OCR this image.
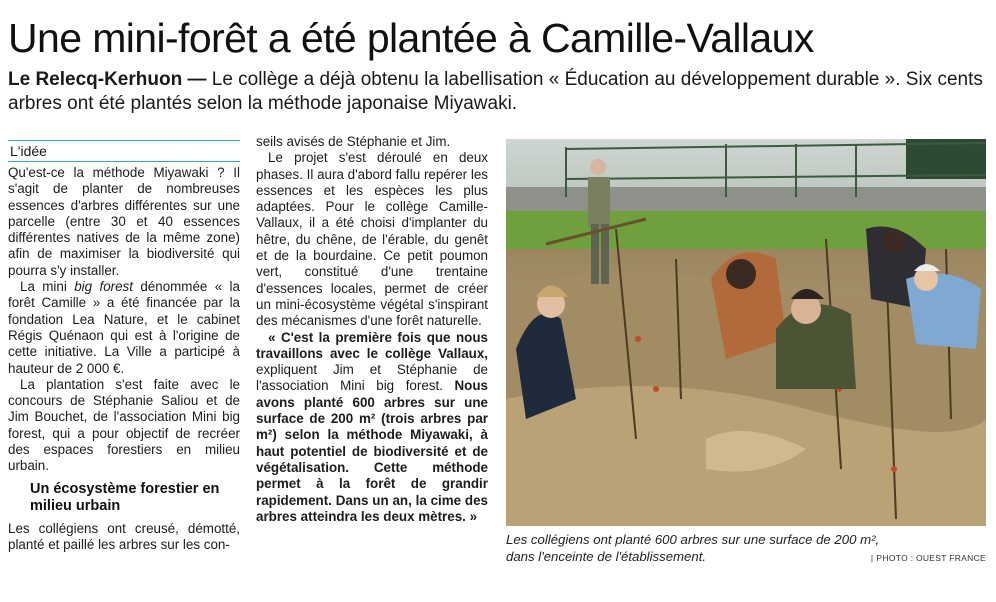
Une mini-forêt a été plantée à Camille-Vallaux
Le Relecq-Kerhuon — Le collège a déjà obtenu la labellisation « Éducation au développement durable ». Six cents arbres ont été plantés selon la méthode japonaise Miyawaki.
L'idée

Qu'est-ce la méthode Miyawaki ? Il s'agit de planter de nombreuses essences d'arbres différentes sur une parcelle (entre 30 et 40 essences différentes natives de la même zone) afin de maximiser la biodiversité qui pourra s'y installer.

La mini big forest dénommée « la forêt Camille » a été financée par la fondation Lea Nature, et le cabinet Régis Quénaon qui est à l'origine de cette initiative. La Ville a participé à hauteur de 2 000 €.

La plantation s'est faite avec le concours de Stéphanie Saliou et de Jim Bouchet, de l'association Mini big forest, qui a pour objectif de recréer des espaces forestiers en milieu urbain.

Un écosystème forestier en milieu urbain

Les collégiens ont creusé, démotté, planté et paillé les arbres sur les con-

seils avisés de Stéphanie et Jim.

Le projet s'est déroulé en deux phases. Il aura d'abord fallu repérer les essences et les espèces les plus adaptées. Pour le collège Camille-Vallaux, il a été choisi d'implanter du hêtre, du chêne, de l'érable, du genêt et de la bourdaine. Ce petit poumon vert, constitué d'une trentaine d'essences locales, permet de créer un mini-écosystème végétal s'inspirant des mécanismes d'une forêt naturelle.

« C'est la première fois que nous travaillons avec le collège Vallaux, expliquent Jim et Stéphanie de l'association Mini big forest. Nous avons planté 600 arbres sur une surface de 200 m² (trois arbres par m²) selon la méthode Miyawaki, à haut potentiel de biodiversité et de végétalisation. Cette méthode permet à la forêt de grandir rapidement. Dans un an, la cime des arbres atteindra les deux mètres. »

Les collégiens ont planté 600 arbres sur une surface de 200 m², dans l'enceinte de l'établissement.	| PHOTO : OUEST FRANCE
